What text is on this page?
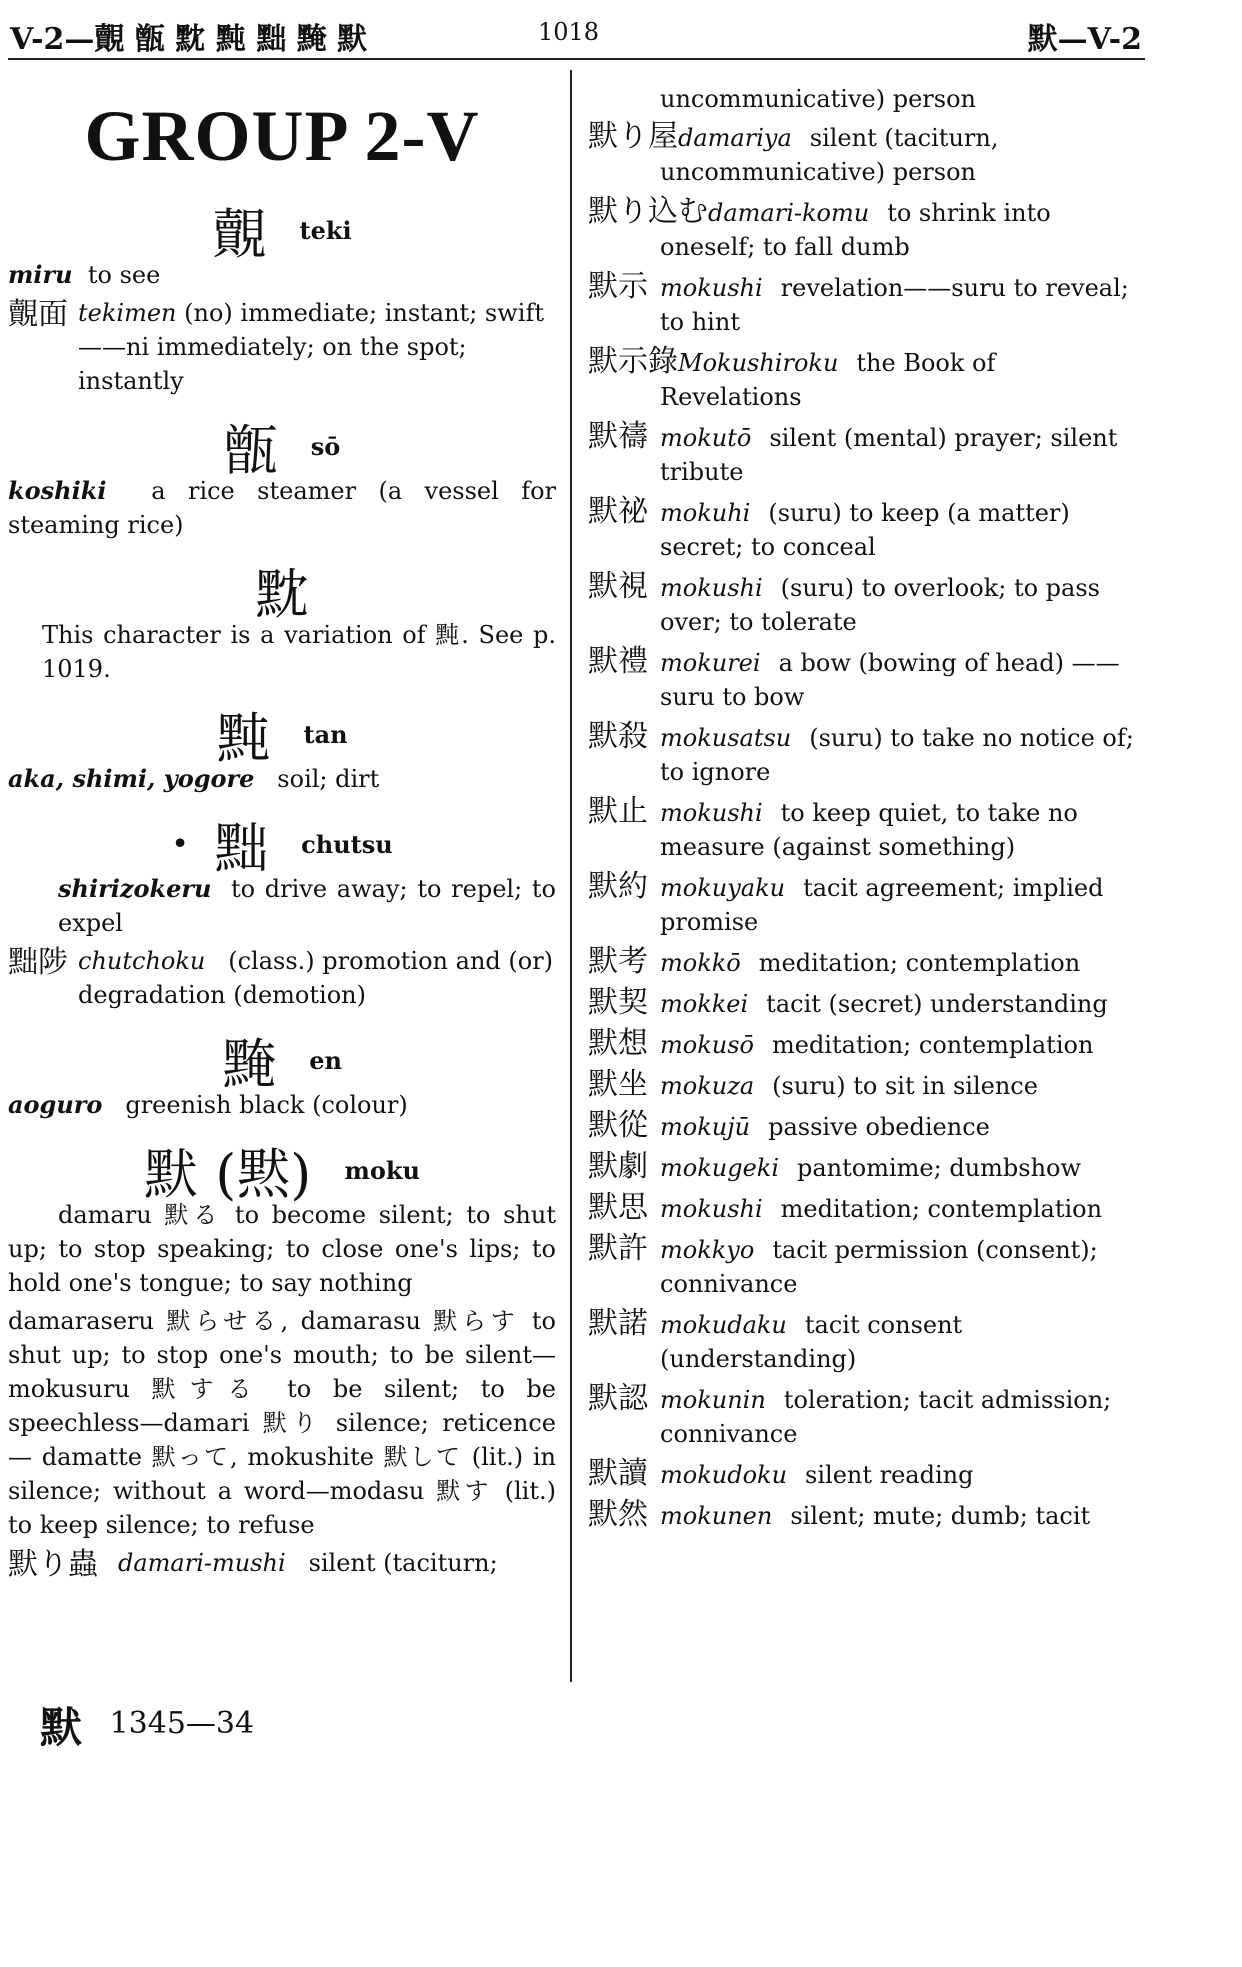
V-2—覿 甑 黕 黗 黜 黤 默	1018	默—V-2
GROUP 2-V
覿 teki

miru to see

覿面 tekimen (no) immediate; instant; swift——ni immediately; on the spot; instantly
甑 sō

koshiki a rice steamer (a vessel for steaming rice)

黕

This character is a variation of 黗. See p. 1019.

黗 tan

aka, shimi, yogore soil; dirt

• 黜 chutsu

shirizokeru to drive away; to repel; to expel

黜陟 chutchoku (class.) promotion and (or) degradation (demotion)
黤 en

aoguro greenish black (colour)

默 (黙) moku

damaru 默る to become silent; to shut up; to stop speaking; to close one's lips; to hold one's tongue; to say nothing

damaraseru 默らせる, damarasu 默らす to shut up; to stop one's mouth; to be silent—mokusuru 默する to be silent; to be speechless—damari 默り silence; reticence — damatte 默って, mokushite 默して (lit.) in silence; without a word—modasu 默す (lit.) to keep silence; to refuse

默り蟲 damari-mushi silent (taciturn;

uncommunicative) person

默り屋damariya silent (taciturn, uncommunicative) person
默り込むdamari-komu to shrink into oneself; to fall dumb
默示 mokushi revelation——suru to reveal; to hint
默示錄Mokushiroku the Book of Revelations
默禱 mokutō silent (mental) prayer; silent tribute
默祕 mokuhi (suru) to keep (a matter) secret; to conceal
默視 mokushi (suru) to overlook; to pass over; to tolerate
默禮 mokurei a bow (bowing of head) ——suru to bow
默殺 mokusatsu (suru) to take no notice of; to ignore
默止 mokushi to keep quiet, to take no measure (against something)
默約 mokuyaku tacit agreement; implied promise
默考 mokkō meditation; contemplation
默契 mokkei tacit (secret) understanding
默想 mokusō meditation; contemplation
默坐 mokuza (suru) to sit in silence
默從 mokujū passive obedience
默劇 mokugeki pantomime; dumbshow
默思 mokushi meditation; contemplation
默許 mokkyo tacit permission (consent); connivance
默諾 mokudaku tacit consent (understanding)
默認 mokunin toleration; tacit admission; connivance
默讀 mokudoku silent reading
默然 mokunen silent; mute; dumb; tacit
默 1345—34
